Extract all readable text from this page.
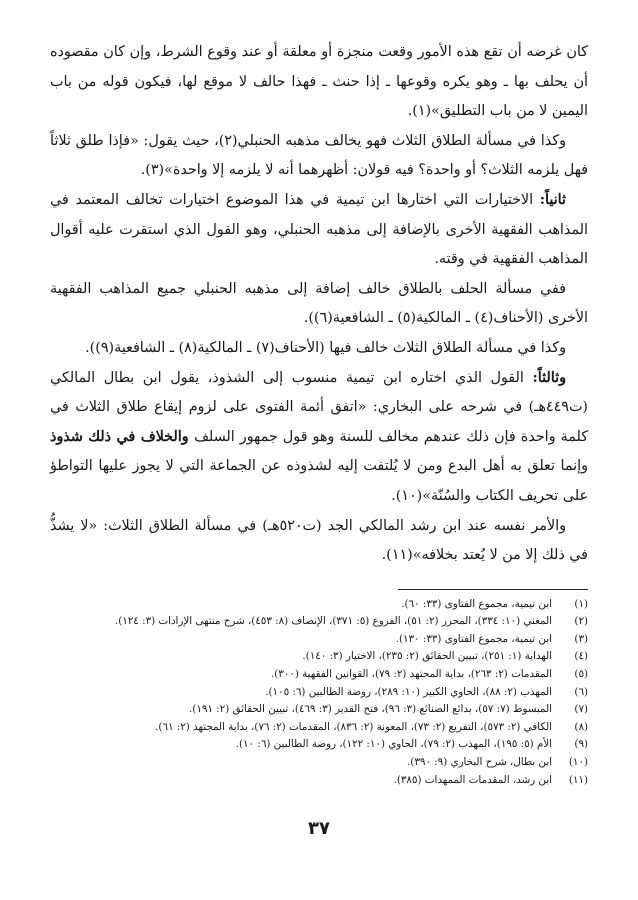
كان غرضه أن تقع هذه الأمور وقعت منجزة أو معلقة أو عند وقوع الشرط، وإن كان مقصوده أن يحلف بها ـ وهو يكره وقوعها ـ إذا حنث ـ فهذا حالف لا موقع لها، فيكون قوله من باب اليمين لا من باب التطليق»(١).

وكذا في مسألة الطلاق الثلاث فهو يخالف مذهبه الحنبلي(٢)، حيث يقول: «فإذا طلق ثلاثاً فهل يلزمه الثلاث؟ أو واحدة؟ فيه قولان: أظهرهما أنه لا يلزمه إلا واحدة»(٣).

ثانياً: الاختيارات التي اختارها ابن تيمية في هذا الموضوع اختيارات تخالف المعتمد في المذاهب الفقهية الأخرى بالإضافة إلى مذهبه الحنبلي، وهو القول الذي استقرت عليه أقوال المذاهب الفقهية في وقته.

ففي مسألة الحلف بالطلاق خالف إضافة إلى مذهبه الحنبلي جميع المذاهب الفقهية الأخرى (الأحناف(٤) ـ المالكية(٥) ـ الشافعية(٦)).

وكذا في مسألة الطلاق الثلاث خالف فيها (الأحناف(٧) ـ المالكية(٨) ـ الشافعية(٩)).

وثالثاً: القول الذي اختاره ابن تيمية منسوب إلى الشذوذ، يقول ابن بطال المالكي (ت٤٤٩هـ) في شرحه على البخاري: «اتفق أئمة الفتوى على لزوم إيقاع طلاق الثلاث في كلمة واحدة فإن ذلك عندهم مخالف للسنة وهو قول جمهور السلف والخلاف في ذلك شذوذ وإنما تعلق به أهل البدع ومن لا يُلتفت إليه لشذوذه عن الجماعة التي لا يجوز عليها التواطؤ على تحريف الكتاب والسُنّة»(١٠).

والأمر نفسه عند ابن رشد المالكي الجد (ت٥٢٠هـ) في مسألة الطلاق الثلاث: «لا يشذُّ في ذلك إلا من لا يُعتد بخلافه»(١١).

(١)
ابن تيمية، مجموع الفتاوى (٣٣: ٦٠).
(٢)
المغني (١٠: ٣٣٤)، المحرر (٢: ٥١)، الفروع (٥: ٣٧١)، الإنصاف (٨: ٤٥٣)، شرح منتهى الإرادات (٣: ١٢٤).
(٣)
ابن تيمية، مجموع الفتاوى (٣٣: ١٣٠).
(٤)
الهداية (١: ٢٥١)، تبيين الحقائق (٢: ٢٣٥)، الاختيار (٣: ١٤٠).
(٥)
المقدمات (٢: ٢٦٣)، بداية المجتهد (٢: ٧٩)، القوانين الفقهية (٣٠٠).
(٦)
المهذب (٢: ٨٨)، الحاوي الكبير (١٠: ٢٨٩)، روضة الطالبين (٦: ١٠٥).
(٧)
المبسوط (٧: ٥٧)، بدائع الصنائع (٣: ٩٦)، فتح القدير (٣: ٤٦٩)، تبيين الحقائق (٢: ١٩١).
(٨)
الكافي (٢: ٥٧٣)، التفريع (٢: ٧٣)، المعونة (٢: ٨٣٦)، المقدمات (٢: ٧٦)، بداية المجتهد (٢: ٦١).
(٩)
الأم (٥: ١٩٥)، المهذب (٢: ٧٩)، الحاوي (١٠: ١٢٢)، روضة الطالبين (٦: ١٠).
(١٠)
ابن بطال، شرح البخاري (٩: ٣٩٠).
(١١)
ابن رشد، المقدمات الممهدات (٣٨٥).
٣٧
